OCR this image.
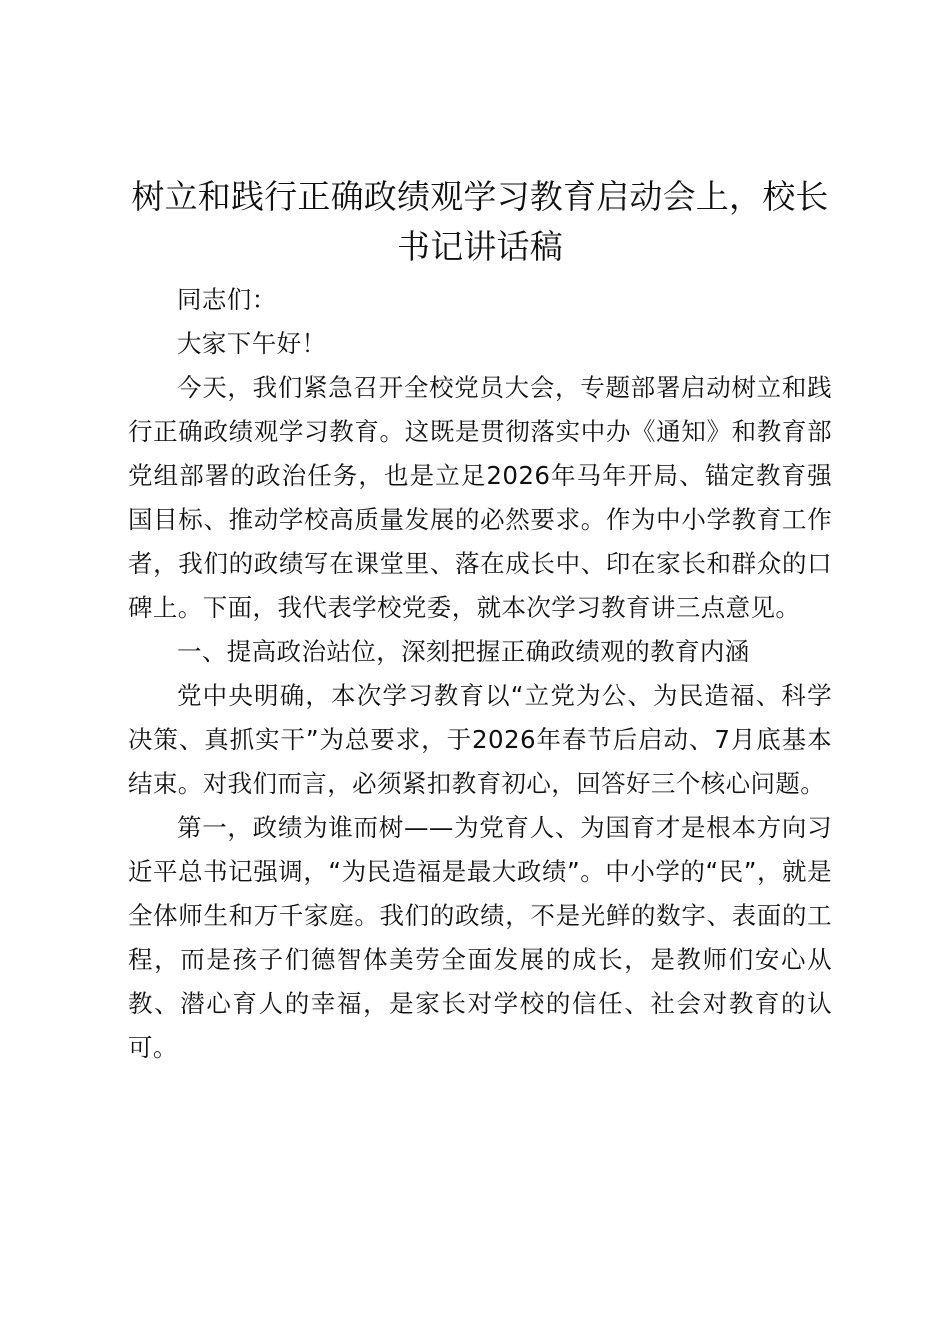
树立和践行正确政绩观学习教育启动会上，校长书记讲话稿

同志们：

大家下午好！

今天，我们紧急召开全校党员大会，专题部署启动树立和践行正确政绩观学习教育。这既是贯彻落实中办《通知》和教育部党组部署的政治任务，也是立足2026年马年开局、锚定教育强国目标、推动学校高质量发展的必然要求。作为中小学教育工作者，我们的政绩写在课堂里、落在成长中、印在家长和群众的口碑上。下面，我代表学校党委，就本次学习教育讲三点意见。

一、提高政治站位，深刻把握正确政绩观的教育内涵

党中央明确，本次学习教育以“立党为公、为民造福、科学决策、真抓实干”为总要求，于2026年春节后启动、7月底基本结束。对我们而言，必须紧扣教育初心，回答好三个核心问题。

第一，政绩为谁而树——为党育人、为国育才是根本方向习近平总书记强调，“为民造福是最大政绩”。中小学的“民”，就是全体师生和万千家庭。我们的政绩，不是光鲜的数字、表面的工程，而是孩子们德智体美劳全面发展的成长，是教师们安心从教、潜心育人的幸福，是家长对学校的信任、社会对教育的认可。
